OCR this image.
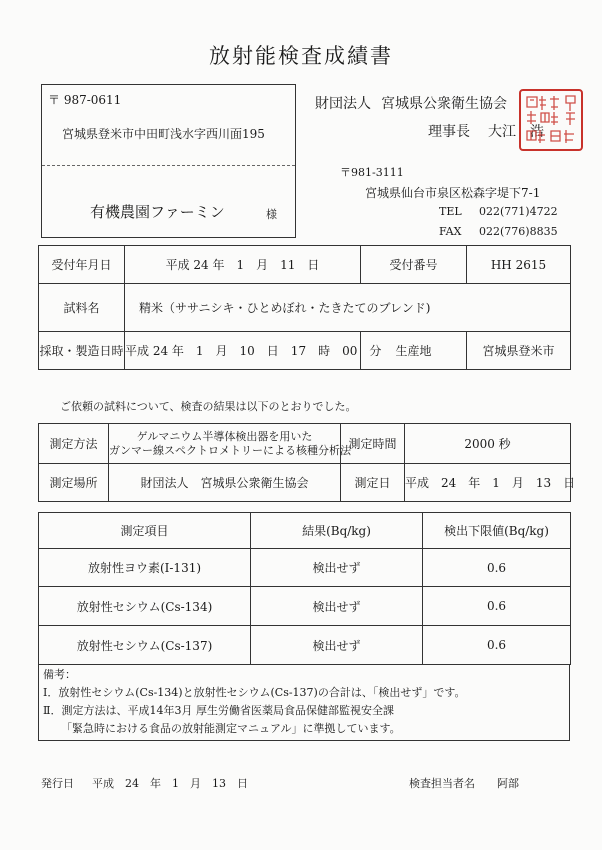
放射能検査成績書
〒 987-0611
宮城県登米市中田町浅水字西川面195
有機農園ファーミン	様
財団法人 宮城県公衆衛生協会
理事長 大江　浩
〒981-3111
宮城県仙台市泉区松森字堤下7-1
TEL 022(771)4722
FAX 022(776)8835
受付年月日	平成 24 年　1　月　11　日	受付番号	HH 2615
試料名	精米（ササニシキ・ひとめぼれ・たきたてのブレンド)		
採取・製造日時	平成 24 年　1　月　10　日　17　時　00　分	生産地	宮城県登米市
ご依頼の試料について、検査の結果は以下のとおりでした。
測定方法	ゲルマニウム半導体検出器を用いた
ガンマー線スペクトロメトリーによる核種分析法	測定時間	2000 秒
測定場所	財団法人　宮城県公衆衛生協会	測定日	平成　24　年　1　月　13　日
測定項目	結果(Bq/kg)	検出下限値(Bq/kg)
放射性ヨウ素(I-131)	検出せず	0.6
放射性セシウム(Cs-134)	検出せず	0.6
放射性セシウム(Cs-137)	検出せず	0.6
備考：
Ⅰ．放射性セシウム(Cs-134)と放射性セシウム(Cs-137)の合計は、「検出せず」です。
Ⅱ．測定方法は、平成14年3月 厚生労働省医薬局食品保健部監視安全課
「緊急時における食品の放射能測定マニュアル」に準拠しています。
発行日 平成　24　年　1　月　13　日	検査担当者名 阿部
